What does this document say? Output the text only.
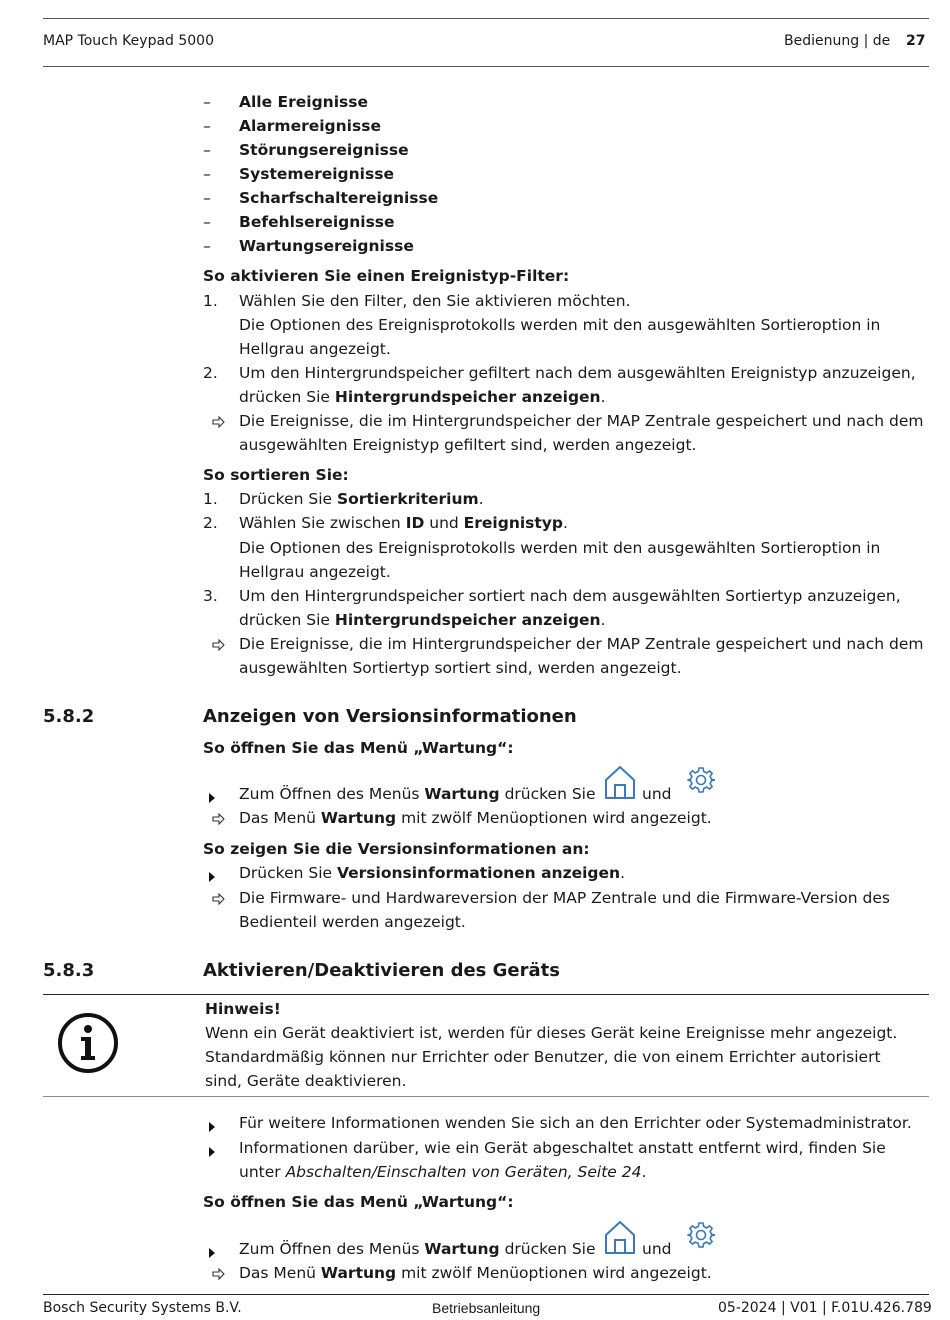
MAP Touch Keypad 5000	Bedienung | de 27
–	Alle Ereignisse
–	Alarmereignisse
–	Störungsereignisse
–	Systemereignisse
–	Scharfschaltereignisse
–	Befehlsereignisse
–	Wartungsereignisse
So aktivieren Sie einen Ereignistyp-Filter:
1.	Wählen Sie den Filter, den Sie aktivieren möchten.
Die Optionen des Ereignisprotokolls werden mit den ausgewählten Sortieroption in
Hellgrau angezeigt.
2.	Um den Hintergrundspeicher gefiltert nach dem ausgewählten Ereignistyp anzuzeigen,
drücken Sie Hintergrundspeicher anzeigen.
Die Ereignisse, die im Hintergrundspeicher der MAP Zentrale gespeichert und nach dem
ausgewählten Ereignistyp gefiltert sind, werden angezeigt.
So sortieren Sie:
1.	Drücken Sie Sortierkriterium.
2.	Wählen Sie zwischen ID und Ereignistyp.
Die Optionen des Ereignisprotokolls werden mit den ausgewählten Sortieroption in
Hellgrau angezeigt.
3.	Um den Hintergrundspeicher sortiert nach dem ausgewählten Sortiertyp anzuzeigen,
drücken Sie Hintergrundspeicher anzeigen.
Die Ereignisse, die im Hintergrundspeicher der MAP Zentrale gespeichert und nach dem
ausgewählten Sortiertyp sortiert sind, werden angezeigt.
5.8.2	Anzeigen von Versionsinformationen
So öffnen Sie das Menü „Wartung“:
Zum Öffnen des Menüs Wartung drücken Sie	und
Das Menü Wartung mit zwölf Menüoptionen wird angezeigt.
So zeigen Sie die Versionsinformationen an:
Drücken Sie Versionsinformationen anzeigen.
Die Firmware- und Hardwareversion der MAP Zentrale und die Firmware-Version des
Bedienteil werden angezeigt.
5.8.3	Aktivieren/Deaktivieren des Geräts
Hinweis!
Wenn ein Gerät deaktiviert ist, werden für dieses Gerät keine Ereignisse mehr angezeigt.
Standardmäßig können nur Errichter oder Benutzer, die von einem Errichter autorisiert
sind, Geräte deaktivieren.
Für weitere Informationen wenden Sie sich an den Errichter oder Systemadministrator.
Informationen darüber, wie ein Gerät abgeschaltet anstatt entfernt wird, finden Sie
unter Abschalten/Einschalten von Geräten, Seite 24.
So öffnen Sie das Menü „Wartung“:
Zum Öffnen des Menüs Wartung drücken Sie	und
Das Menü Wartung mit zwölf Menüoptionen wird angezeigt.
Bosch Security Systems B.V.	Betriebsanleitung	05-2024 | V01 | F.01U.426.789
